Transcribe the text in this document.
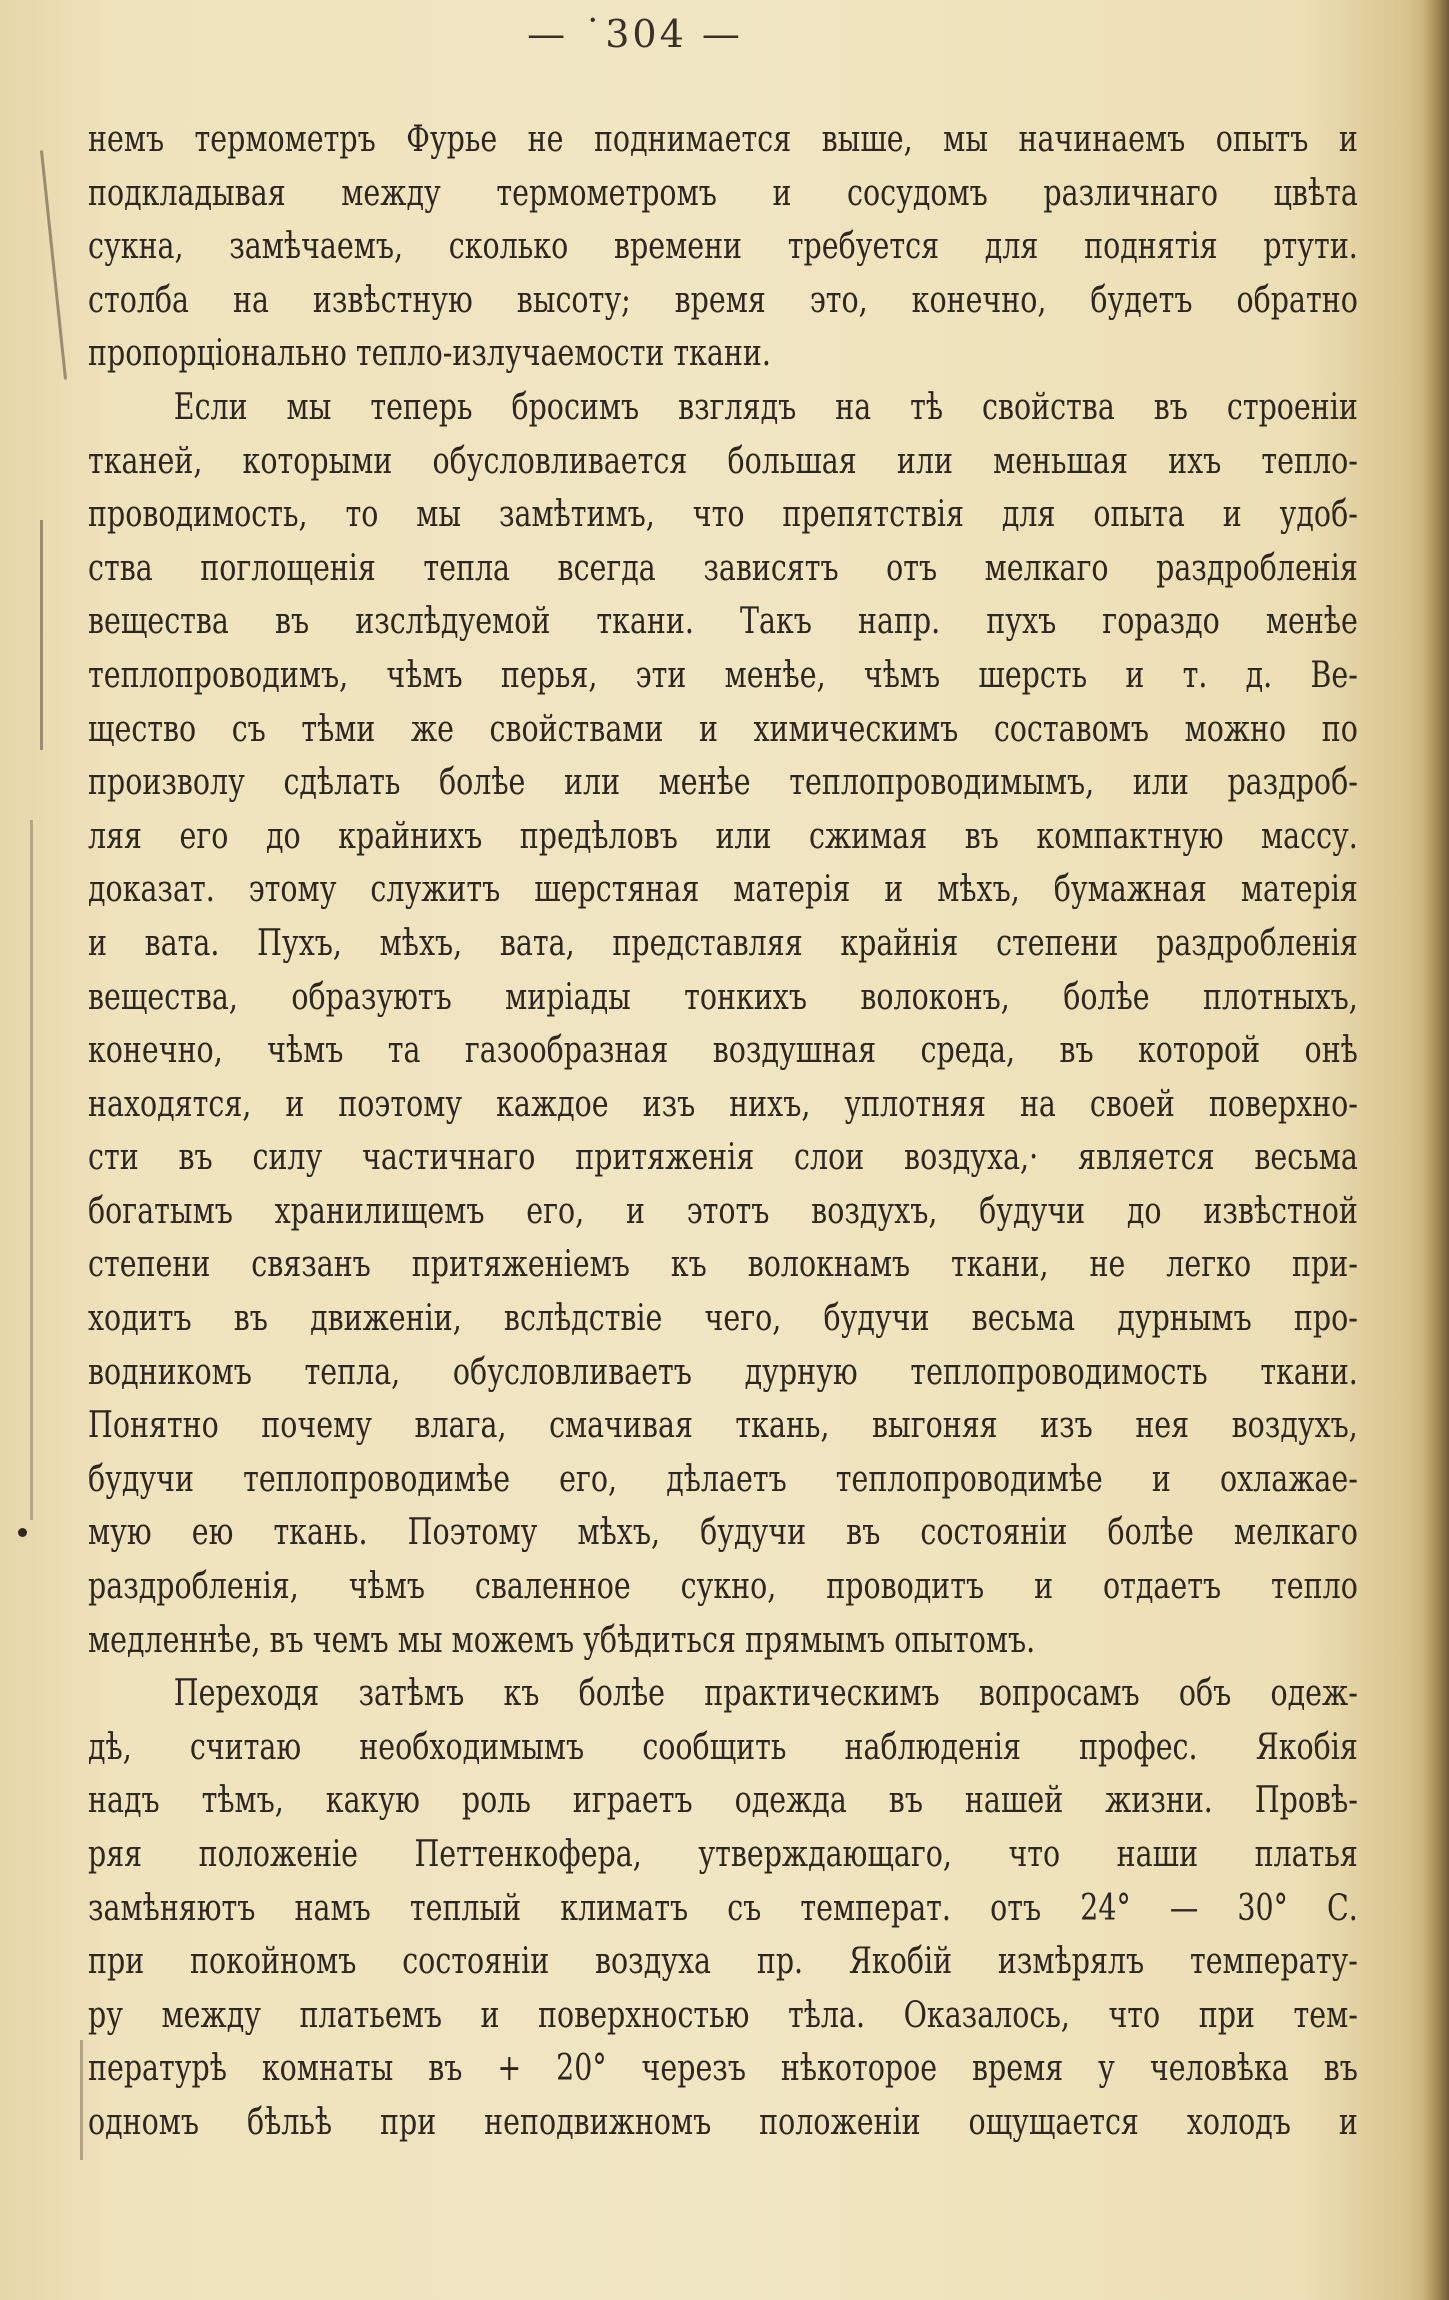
— ˙304 —
немъ термометръ Фурье не поднимается выше, мы начинаемъ опытъ и
подкладывая между термометромъ и сосудомъ различнаго цвѣта
сукна, замѣчаемъ, сколько времени требуется для поднятія ртути.
столба на извѣстную высоту; время это, конечно, будетъ обратно
пропорціонально тепло-излучаемости ткани.
Если мы теперь бросимъ взглядъ на тѣ свойства въ строеніи
тканей, которыми обусловливается большая или меньшая ихъ тепло-
проводимость, то мы замѣтимъ, что препятствія для опыта и удоб-
ства поглощенія тепла всегда зависятъ отъ мелкаго раздробленія
вещества въ изслѣдуемой ткани. Такъ напр. пухъ гораздо менѣе
теплопроводимъ, чѣмъ перья, эти менѣе, чѣмъ шерсть и т. д. Ве-
щество съ тѣми же свойствами и химическимъ составомъ можно по
произволу сдѣлать болѣе или менѣе теплопроводимымъ, или раздроб-
ляя его до крайнихъ предѣловъ или сжимая въ компактную массу.
доказат. этому служитъ шерстяная матерія и мѣхъ, бумажная матерія
и вата. Пухъ, мѣхъ, вата, представляя крайнія степени раздробленія
вещества, образуютъ миріады тонкихъ волоконъ, болѣе плотныхъ,
конечно, чѣмъ та газообразная воздушная среда, въ которой онѣ
находятся, и поэтому каждое изъ нихъ, уплотняя на своей поверхно-
сти въ силу частичнаго притяженія слои воздуха,· является весьма
богатымъ хранилищемъ его, и этотъ воздухъ, будучи до извѣстной
степени связанъ притяженіемъ къ волокнамъ ткани, не легко при-
ходитъ въ движеніи, вслѣдствіе чего, будучи весьма дурнымъ про-
водникомъ тепла, обусловливаетъ дурную теплопроводимость ткани.
Понятно почему влага, смачивая ткань, выгоняя изъ нея воздухъ,
будучи теплопроводимѣе его, дѣлаетъ теплопроводимѣе и охлажае-
мую ею ткань. Поэтому мѣхъ, будучи въ состояніи болѣе мелкаго
раздробленія, чѣмъ сваленное сукно, проводитъ и отдаетъ тепло
медленнѣе, въ чемъ мы можемъ убѣдиться прямымъ опытомъ.
Переходя затѣмъ къ болѣе практическимъ вопросамъ объ одеж-
дѣ, считаю необходимымъ сообщить наблюденія профес. Якобія
надъ тѣмъ, какую роль играетъ одежда въ нашей жизни. Провѣ-
ряя положеніе Петтенкофера, утверждающаго, что наши платья
замѣняютъ намъ теплый климатъ съ температ. отъ 24° — 30° С.
при покойномъ состояніи воздуха пр. Якобій измѣрялъ температу-
ру между платьемъ и поверхностью тѣла. Оказалось, что при тем-
пературѣ комнаты въ + 20° черезъ нѣкоторое время у человѣка въ
одномъ бѣльѣ при неподвижномъ положеніи ощущается холодъ и
